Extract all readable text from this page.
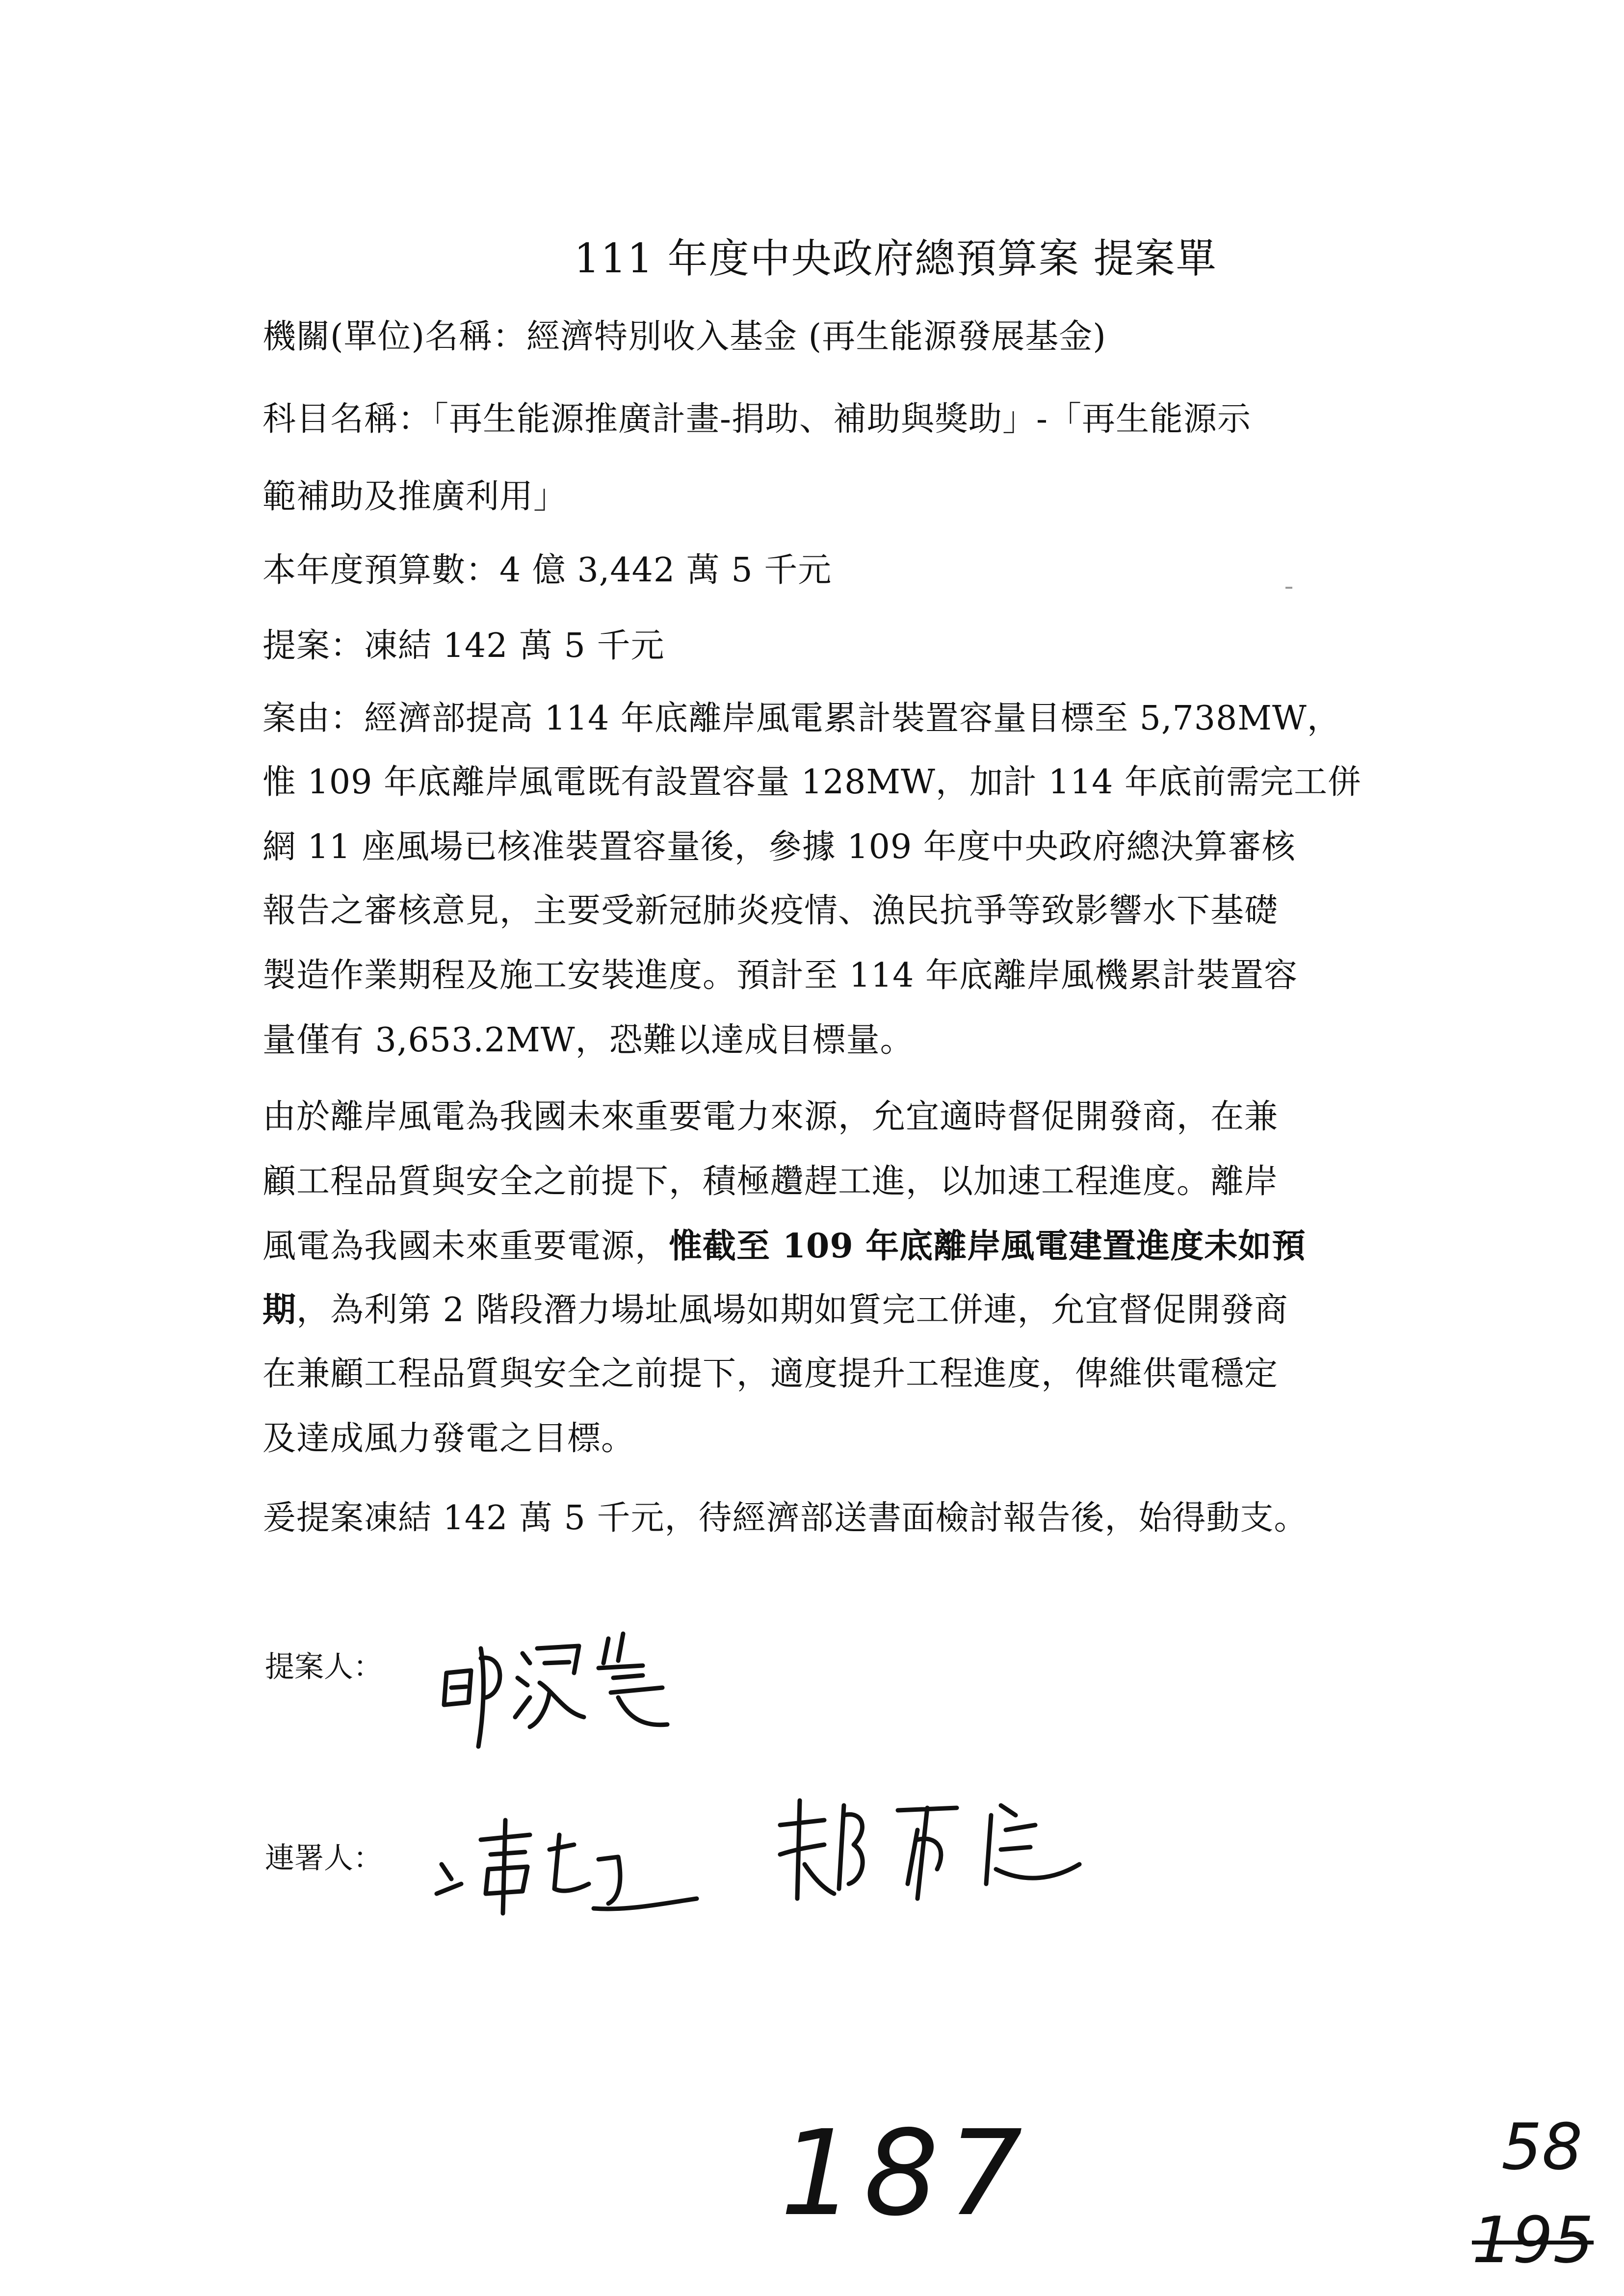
111 年度中央政府總預算案 提案單
機關(單位)名稱：經濟特別收入基金 (再生能源發展基金)
科目名稱：「再生能源推廣計畫-捐助、補助與獎助」-「再生能源示
範補助及推廣利用」
本年度預算數：4 億 3,442 萬 5 千元
提案：凍結 142 萬 5 千元
案由：經濟部提高 114 年底離岸風電累計裝置容量目標至 5,738MW，
惟 109 年底離岸風電既有設置容量 128MW，加計 114 年底前需完工併
網 11 座風場已核准裝置容量後，參據 109 年度中央政府總決算審核
報告之審核意見，主要受新冠肺炎疫情、漁民抗爭等致影響水下基礎
製造作業期程及施工安裝進度。預計至 114 年底離岸風機累計裝置容
量僅有 3,653.2MW，恐難以達成目標量。
由於離岸風電為我國未來重要電力來源，允宜適時督促開發商，在兼
顧工程品質與安全之前提下，積極趲趕工進，以加速工程進度。離岸
風電為我國未來重要電源，惟截至 109 年底離岸風電建置進度未如預
期，為利第 2 階段潛力場址風場如期如質完工併連，允宜督促開發商
在兼顧工程品質與安全之前提下，適度提升工程進度，俾維供電穩定
及達成風力發電之目標。
爰提案凍結 142 萬 5 千元，待經濟部送書面檢討報告後，始得動支。
提案人：
連署人：
187	58
195
